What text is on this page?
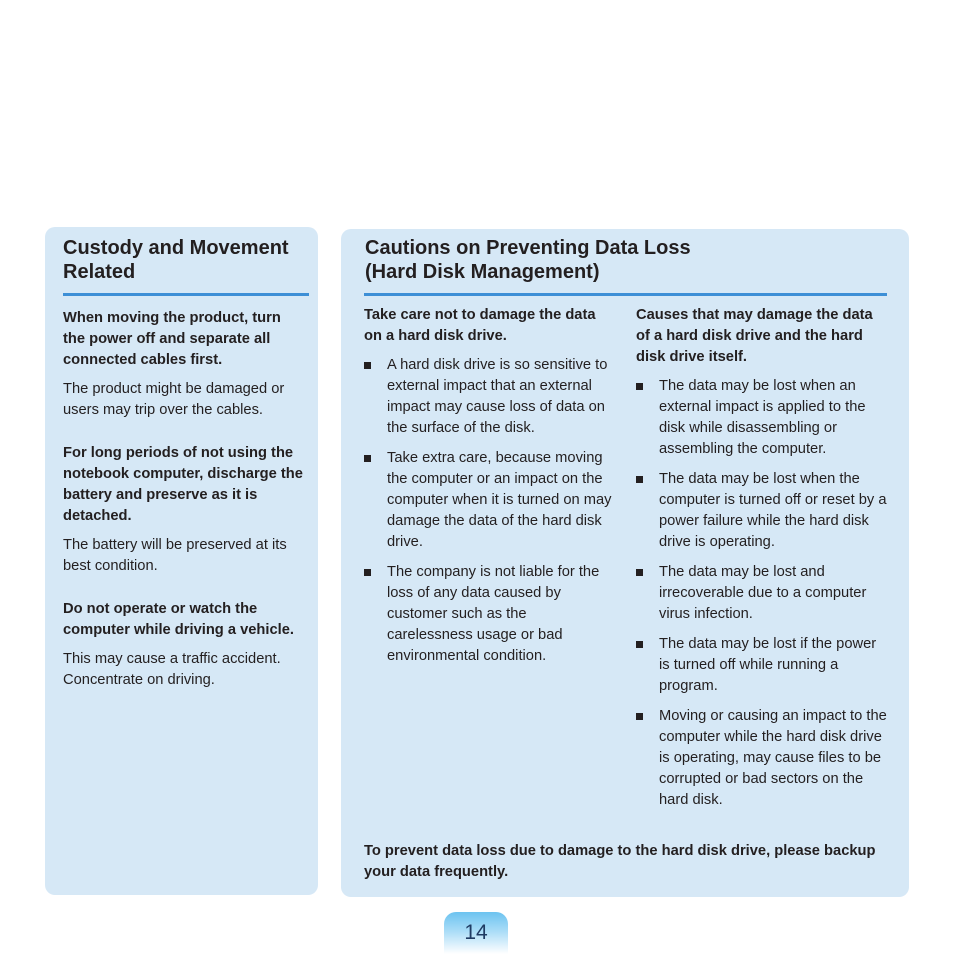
Custody and Movement Related

When moving the product, turn the power off and separate all connected cables first.

The product might be damaged or users may trip over the cables.

For long periods of not using the notebook computer, discharge the battery and preserve as it is detached.

The battery will be preserved at its best condition.

Do not operate or watch the computer while driving a vehicle.

This may cause a traffic accident. Concentrate on driving.

Cautions on Preventing Data Loss
(Hard Disk Management)

Take care not to damage the data on a hard disk drive.

A hard disk drive is so sensitive to external impact that an external impact may cause loss of data on the surface of the disk.
Take extra care, because moving the computer or an impact on the computer when it is turned on may damage the data of the hard disk drive.
The company is not liable for the loss of any data caused by customer such as the carelessness usage or bad environmental condition.

Causes that may damage the data of a hard disk drive and the hard disk drive itself.

The data may be lost when an external impact is applied to the disk while disassembling or assembling the computer.
The data may be lost when the computer is turned off or reset by a power failure while the hard disk drive is operating.
The data may be lost and irrecoverable due to a computer virus infection.
The data may be lost if the power is turned off while running a program.
Moving or causing an impact to the computer while the hard disk drive is operating, may cause files to be corrupted or bad sectors on the hard disk.

To prevent data loss due to damage to the hard disk drive, please backup your data frequently.

14
